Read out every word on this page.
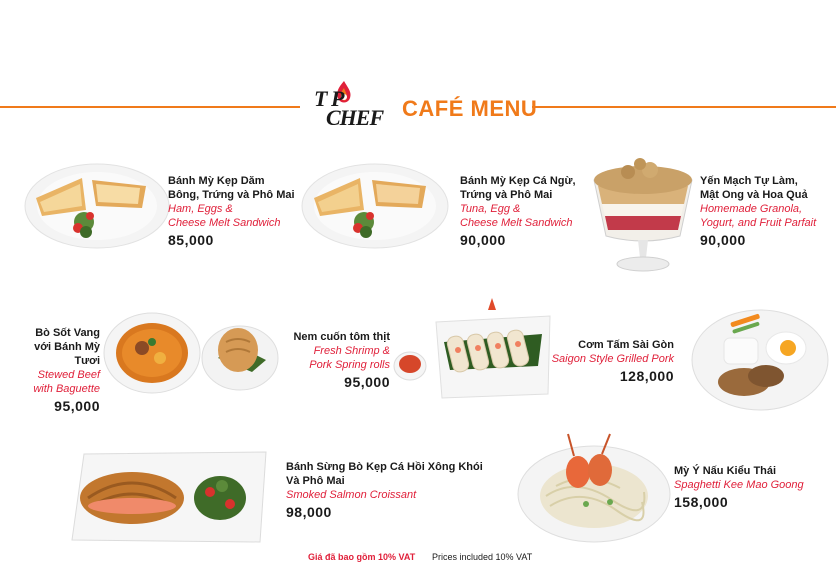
T P
CHEF CAFÉ MENU
Bánh Mỳ Kẹp Dăm Bông, Trứng và Phô Mai
Ham, Eggs &
Cheese Melt Sandwich
85,000
Bánh Mỳ Kẹp Cá Ngừ, Trứng và Phô Mai
Tuna, Egg &
Cheese Melt Sandwich
90,000
Yến Mạch Tự Làm,
Mật Ong và Hoa Quả
Homemade Granola,
Yogurt, and Fruit Parfait
90,000
Bò Sốt Vang
với Bánh Mỳ Tươi
Stewed Beef
with Baguette
95,000
Nem cuốn tôm thịt
Fresh Shrimp &
Pork Spring rolls
95,000
Cơm Tấm Sài Gòn
Saigon Style Grilled Pork
128,000
Bánh Sừng Bò Kẹp Cá Hồi Xông Khói
Và Phô Mai
Smoked Salmon Croissant
98,000
Mỳ Ý Nấu Kiểu Thái
Spaghetti Kee Mao Goong
158,000
Giá đã bao gồm 10% VAT Prices included 10% VAT
